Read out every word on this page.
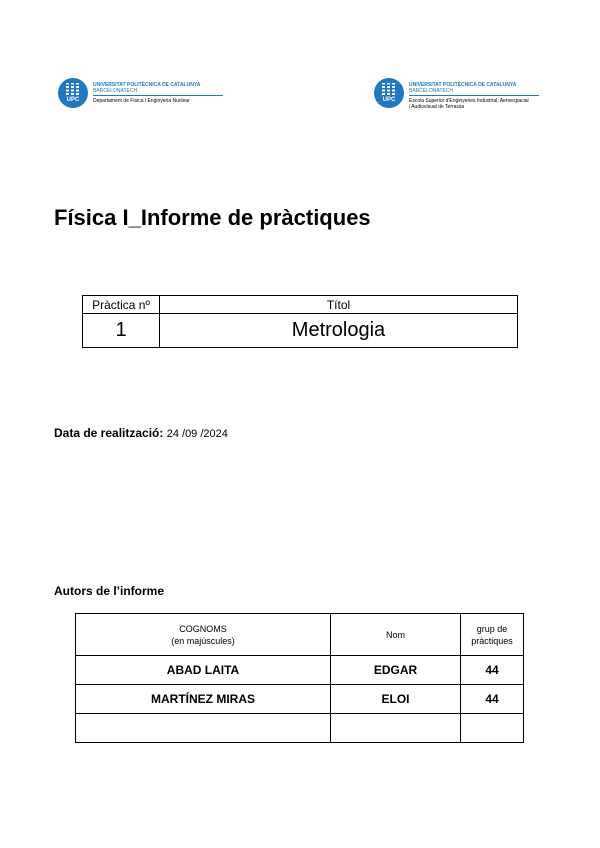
UPC
UNIVERSITAT POLITÈCNICA DE CATALUNYA
BARCELONATECH
Departament de Física i Enginyeria Nuclear	UPC
UNIVERSITAT POLITÈCNICA DE CATALUNYA
BARCELONATECH
Escola Superior d'Enginyeries Industrial, Aeroespacial i Audiovisual de Terrassa
Física I_Informe de pràctiques
Pràctica nº	Títol
1	Metrologia
Data de realització: 24 /09 /2024
Autors de l’informe
COGNOMS
(en majúscules)	Nom	grup de pràctiques
ABAD LAITA	EDGAR	44
MARTÍNEZ MIRAS	ELOI	44
